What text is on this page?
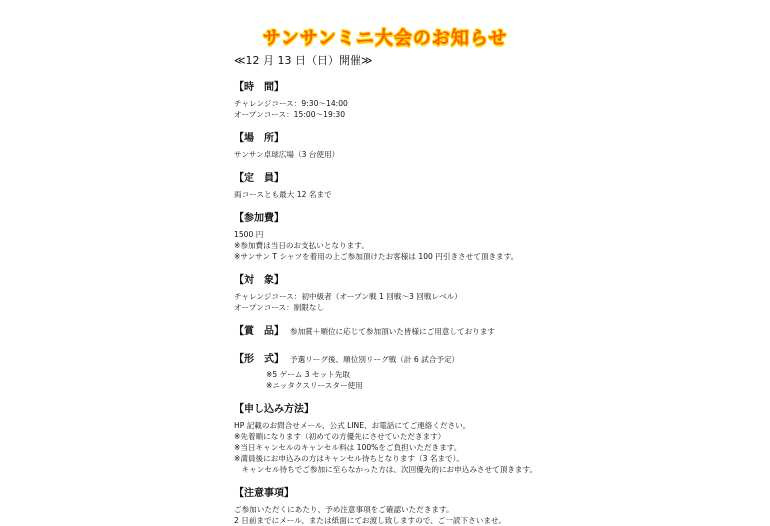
サンサンミニ大会のお知らせ
≪12 月 13 日（日）開催≫
【時　間】
チャレンジコース：9:30〜14:00
オープンコース：15:00〜19:30
【場　所】
サンサン卓球広場（3 台使用）
【定　員】
両コースとも最大 12 名まで
【参加費】
1500 円
※参加費は当日のお支払いとなります。
※サンサン T シャツを着用の上ご参加頂けたお客様は 100 円引きさせて頂きます。
【対　象】
チャレンジコース：初中級者（オープン戦 1 回戦〜3 回戦レベル）
オープンコース：制限なし
【賞　品】 参加賞＋順位に応じて参加頂いた皆様にご用意しております
【形　式】 予選リーグ後、順位別リーグ戦（計 6 試合予定）
※5 ゲーム 3 セット先取
※ニッタクスリースター使用
【申し込み方法】
HP 記載のお問合せメール、公式 LINE、お電話にてご連絡ください。
※先着順になります（初めての方優先にさせていただきます）
※当日キャンセルのキャンセル料は 100%をご負担いただきます。
※満員後にお申込みの方はキャンセル待ちとなります（3 名まで）。
　キャンセル待ちでご参加に至らなかった方は、次回優先的にお申込みさせて頂きます。
【注意事項】
ご参加いただくにあたり、予め注意事項をご確認いただきます。
2 日前までにメール、または紙面にてお渡し致しますので、ご一読下さいませ。
